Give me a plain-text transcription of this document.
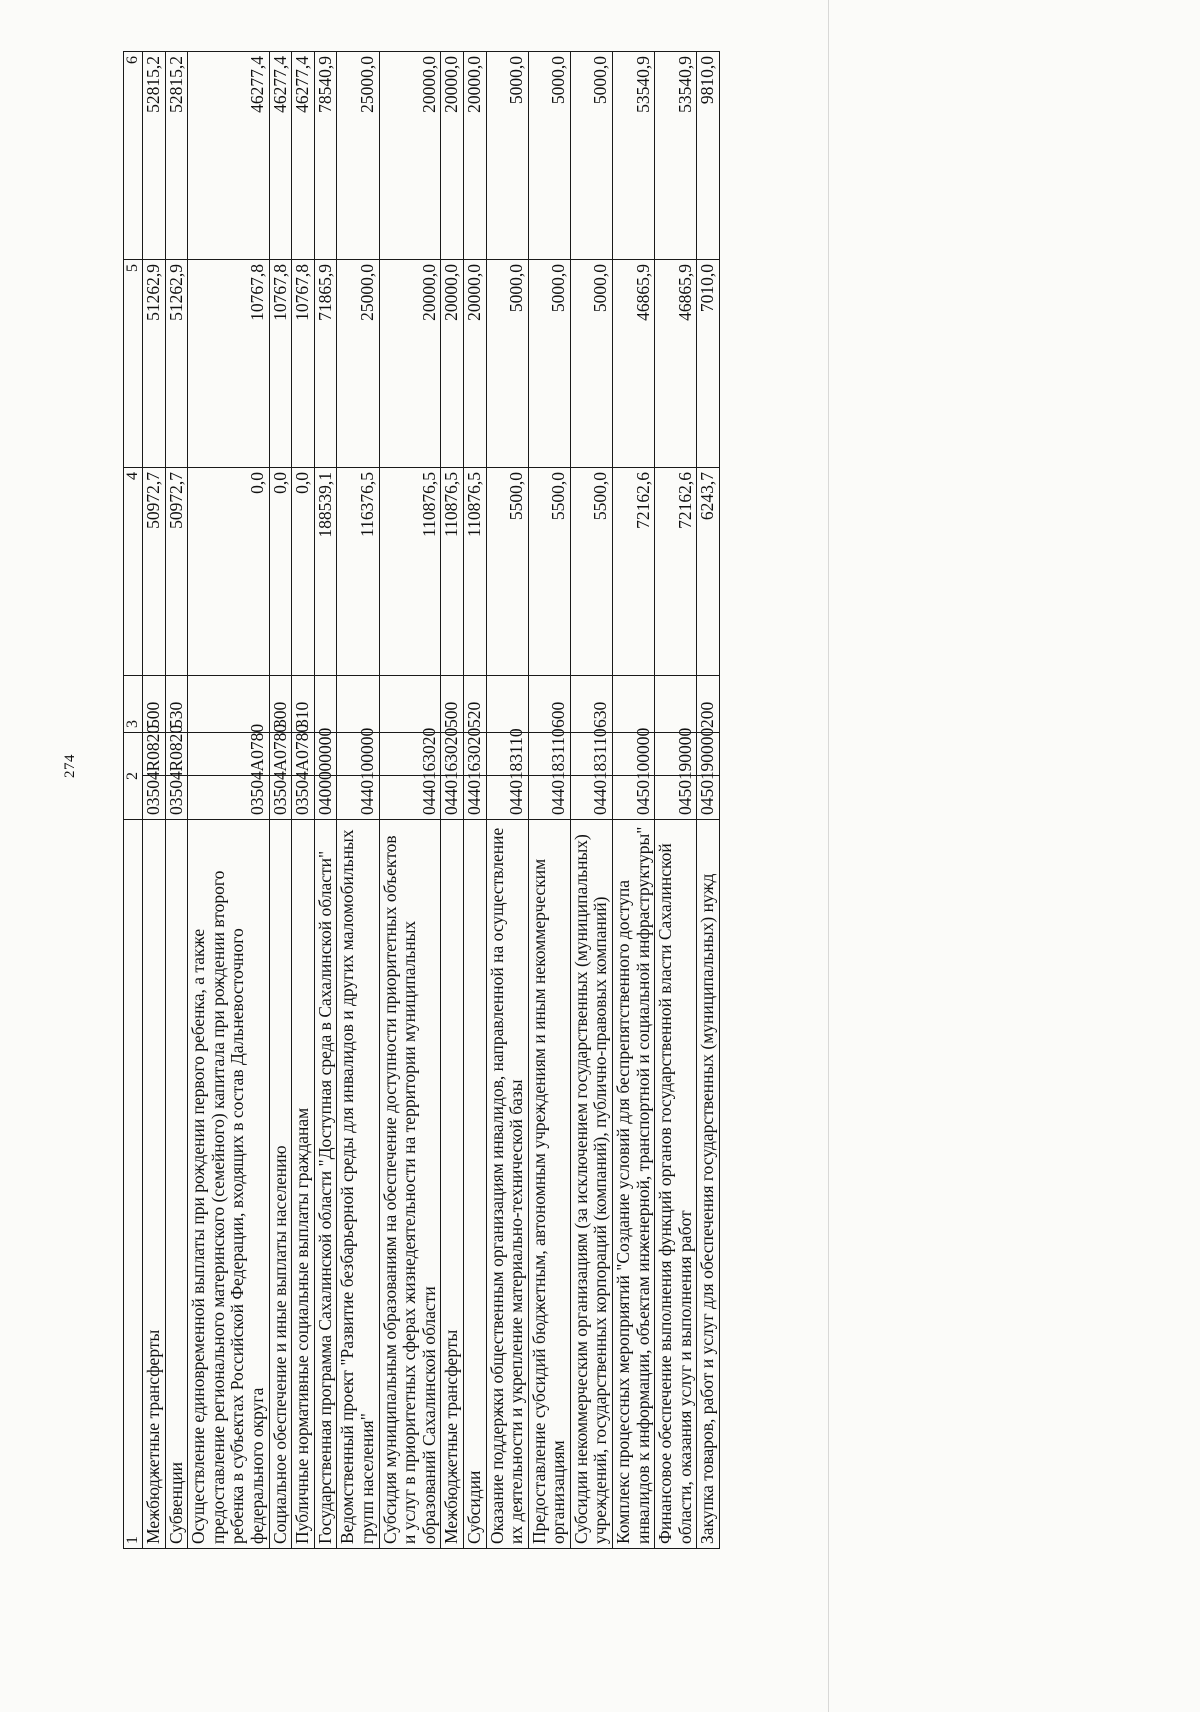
274
1	2		3	4	5	6
Межбюджетные трансферты	03504	R0820	500	50972,7	51262,9	52815,2
Субвенции	03504	R0820	530	50972,7	51262,9	52815,2
Осуществление единовременной выплаты при рождении первого ребенка, а также предоставление регионального материнского (семейного) капитала при рождении второго ребенка в субъектах Российской Федерации, входящих в состав Дальневосточного федерального округа	03504	A0780		0,0	10767,8	46277,4
Социальное обеспечение и иные выплаты населению	03504	A0780	300	0,0	10767,8	46277,4
Публичные нормативные социальные выплаты гражданам	03504	A0780	310	0,0	10767,8	46277,4
Государственная программа Сахалинской области "Доступная среда в Сахалинской области"	04000	00000		188539,1	71865,9	78540,9
Ведомственный проект "Развитие безбарьерной среды для инвалидов и других маломобильных групп населения"	04401	00000		116376,5	25000,0	25000,0
Субсидия муниципальным образованиям на обеспечение доступности приоритетных объектов и услуг в приоритетных сферах жизнедеятельности на территории муниципальных образований Сахалинской области	04401	63020		110876,5	20000,0	20000,0
Межбюджетные трансферты	04401	63020	500	110876,5	20000,0	20000,0
Субсидии	04401	63020	520	110876,5	20000,0	20000,0
Оказание поддержки общественным организациям инвалидов, направленной на осуществление их деятельности и укрепление материально-технической базы	04401	83110		5500,0	5000,0	5000,0
Предоставление субсидий бюджетным, автономным учреждениям и иным некоммерческим организациям	04401	83110	600	5500,0	5000,0	5000,0
Субсидии некоммерческим организациям (за исключением государственных (муниципальных) учреждений, государственных корпораций (компаний), публично-правовых компаний)	04401	83110	630	5500,0	5000,0	5000,0
Комплекс процессных мероприятий "Создание условий для беспрепятственного доступа инвалидов к информации, объектам инженерной, транспортной и социальной инфраструктуры"	04501	00000		72162,6	46865,9	53540,9
Финансовое обеспечение выполнения функций органов государственной власти Сахалинской области, оказания услуг и выполнения работ	04501	90000		72162,6	46865,9	53540,9
Закупка товаров, работ и услуг для обеспечения государственных (муниципальных) нужд	04501	90000	200	6243,7	7010,0	9810,0
